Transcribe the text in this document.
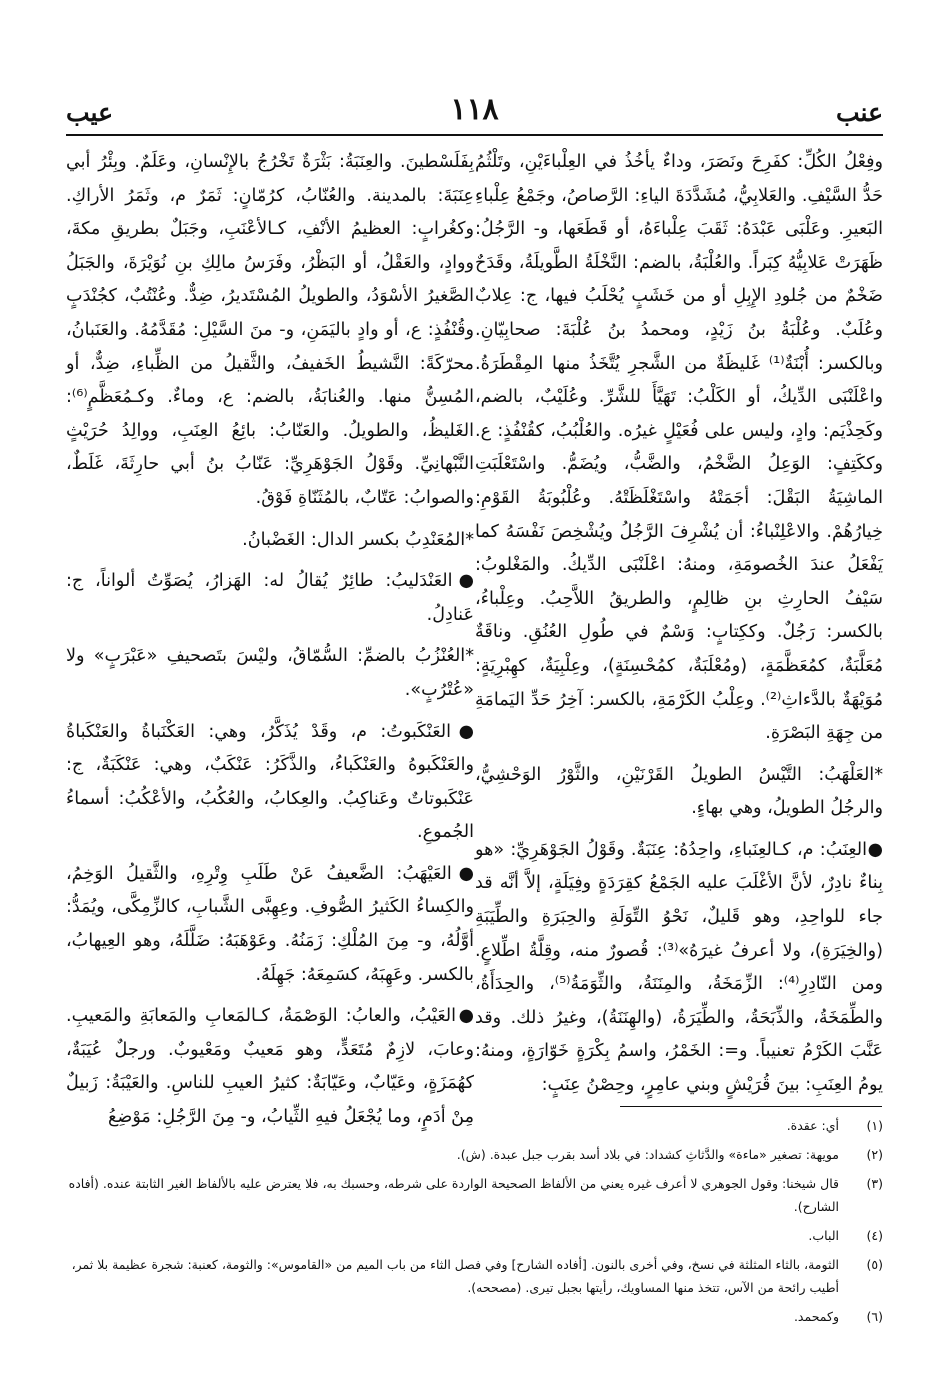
عنب
١١٨
عيب

وفِعْلُ الكُلِّ: كفَرِحَ ونَصَرَ، وداءٌ يأخُذُ في العِلْباءَيْنِ، وتَلْثُمُ حَدُّ السَّيْفِ. والعَلابِيُّ، مُشَدَّدَةَ الياءِ: الرَّصاصُ، وجَمْعُ عِلْباءِ البَعيرِ. وعَلْبَى عَبْدَهُ: ثَقَبَ عِلْباءَهُ، أو قَطَعَها، و- الرَّجُلُ: ظَهَرَتْ عَلابِيُّهُ كِبَراً. والعُلْبَةُ، بالضم: النَّخْلَةُ الطَّويلَةُ، وقَدَحٌ ضَخْمٌ من جُلودِ الإِبِلِ أو من خَشَبٍ يُحْلَبُ فيها، ج: عِلابٌ وعُلَبٌ. وعُلْبَةُ بنُ زَيْدٍ، ومحمدُ بنُ عُلْبَةَ: صحابِيّانِ. وبالكسر: أُبْنَةٌ⁽¹⁾ غَليظَةٌ من الشَّجرِ يُتَّخَذُ منها المِقْطَرَةُ. واعْلَنْبَى الدِّيكُ، أو الكَلْبُ: تَهَيَّأَ للشَّرِّ. وعُلَيْبٌ، بالضم، وكَحِذْيَم: وادٍ، وليس على فُعَيْلٍ غيرُه. والعُلْبُبُ، كقُنْفُذٍ: ع. وككَتِفٍ: الوَعِلُ الضَّخْمُ، والضَّبُّ، ويُضَمُّ. واسْتَعْلَبَتِ الماشِيَةُ البَقْلَ: أجَمَتْهُ واسْتَغْلَظَتْهُ. وعُلْبُوبَةُ القَوْمِ: خِيارُهُمْ. والاعْلِنْباءُ: أن يُشْرِفَ الرَّجُلُ ويُشْخِصَ نَفْسَهُ كما يَفْعَلُ عندَ الخُصومَةِ، ومنهُ: اعْلَنْبَى الدِّيكُ. والمَغْلوبُ: سَيْفُ الحارِثِ بنِ ظالِمٍ، والطريقُ اللاَّحِبُ. وعِلْباءُ، بالكسر: رَجُلٌ. وككِتابٍ: وَسْمٌ في طُولِ العُنُقِ. وناقَةٌ مُعَلَّبَةٌ، كمُعَظَّمَةٍ، (ومُعْلَبَةٌ، كمُحْسِنَةٍ)، وعِلْبِيَةٌ، كهِبْرِيَةٍ: مُوَيْهَةٌ بالدَّءاثِ⁽²⁾. وعِلْبُ الكَرْمَةِ، بالكسر: آخِرُ حَدِّ اليَمامَةِ من جِهَةِ البَصْرَةِ.

*العَلْهَبُ: التَّيْسُ الطويلُ القَرْنَيْنِ، والثَّوْرُ الوَحْشِيُّ، والرجُلُ الطويلُ، وهي بهاءٍ.

●العِنَبُ: م، كـالعِنَباءِ، واحِدُهُ: عِنَبَةٌ. وقَوْلُ الجَوْهَرِيِّ: «هو بِناءٌ نادِرٌ، لأنَّ الأغْلَبَ عليه الجَمْعُ كقِرَدَةٍ وفِيَلَةٍ، إلاَّ أنَّه قد جاء للواحِدِ، وهو قَليلٌ، نَحْوُ التِّوَلَةِ والحِبَرَةِ والطِّيَبَةِ (والخِيَرَةِ)، ولا أعرفُ غيرَهُ»⁽³⁾: قُصورٌ منه، وقِلَّةُ اطِّلاعٍ. ومن النّادِرِ⁽⁴⁾: الزِّمَخَةُ، والمِنَنَةُ، والثِّوَمَةُ⁽⁵⁾، والحِدَأَةُ، والطِّمَخَةُ، والذِّبَحَةُ، والطِّيَرَةُ، (والهِنَنَةُ)، وغيرُ ذلك. وقد عَنَّبَ الكَرْمُ تعنيباً. و=: الخَمْرُ، واسمُ بِكْرَةٍ خَوّارَةٍ، ومنهُ: يومُ العِنَبِ: بينَ قُرَيْشٍ وبني عامِرٍ، وحِصْنُ عِنَبٍ:

بِفَلَسْطينَ. والعِنَبَةُ: بَثْرَةٌ تَخْرُجُ بالإِنْسانِ، وعَلَمٌ. وبِئْرُ أبي عِنَبَةَ: بالمدينة. والعُنّابُ، كرُمّانٍ: ثَمَرٌ م، وثَمَرُ الأراكِ. وكغُرابٍ: العظيمُ الأنْفِ، كـالأعْنَبِ، وجَبَلٌ بطريقِ مكةَ، ووادٍ، والعَقْلُ، أو البَظْرُ، وفَرَسُ مالِكِ بنِ نُوَيْرَةَ، والجَبَلُ الصَّغيرُ الأسْوَدُ، والطويلُ المُسْتَديرُ، ضِدٌّ. وعُنْتُبٌ، كجُنْدَبٍ وقُنْفُذٍ: ع، أو وادٍ باليَمَنِ، و- منَ السَّيْلِ: مُقَدَّمُهُ. والعَنَبانُ، محرّكَةً: النَّشيطُ الخَفيفُ، والثَّقيلُ من الظِّباءِ، ضِدٌّ، أو المُسِنُّ منها. والعُنابَةُ، بالضم: ع، وماءٌ. وكـمُعَظَّمٍ⁽⁶⁾: الغَليظُ، والطويلُ. والعَنّابُ: بائِعُ العِنَبِ، ووالِدُ حُرَيْثٍ النَّبْهانِيِّ. وقَوْلُ الجَوْهَرِيِّ: عَنّابُ بنُ أبي حارِثَةَ، غَلَطٌ، والصوابُ: عَتّابٌ، بالمُثَنّاةِ فَوْقُ.

*المُعَنْدِبُ بكسر الدال: الغَضْبانُ.

●العَنْدَليبُ: طائِرٌ يُقالُ له: الهَزارُ، يُصَوِّتُ ألواناً، ج: عَنادِلُ.

*العُنْزُبُ بالضمِّ: السُّمّاقُ، وليْسَ بتَصحيفِ «عَبْرَبٍ» ولا «عُتْرُبٍ».

●العَنْكَبوتُ: م، وقَدْ يُذَكَّرُ، وهي: العَكْنَباةُ والعَنْكَباةُ والعَنْكَبوهُ والعَنْكَباءُ، والذَّكَرُ: عَنْكَبٌ، وهي: عَنْكَبَةٌ، ج: عَنْكَبوتاتٌ وعَناكِبُ. والعِكابُ، والعُكُبُ، والأعْكُبُ: أسماءُ الجُموعِ.

●العَيْهَبُ: الضَّعيفُ عَنْ طَلَبِ وِتْرِهِ، والثَّقيلُ الوَخِمُ، والكِساءُ الكَثيرُ الصُّوفِ. وعِهِبَّى الشَّبابِ، كالزِّمِكَّى، ويُمَدُّ: أوَّلُهُ، و- مِنَ المُلْكِ: زَمَنُهُ. وعَوْهَبَهُ: ضَلَّلَهُ، وهو العِيهابُ، بالكسر. وعَهِبَهُ، كسَمِعَهُ: جَهِلَهُ.

●العَيْبُ، والعابُ: الوَصْمَةُ، كـالمَعابِ والمَعابَةِ والمَعيبِ. وعابَ، لازِمٌ مُتَعَدٍّ، وهو مَعيبٌ ومَعْيوبٌ. ورجلٌ عُيَبَةٌ، كهُمَزَةٍ، وعَيّابٌ، وعَيّابَةٌ: كثيرُ العيبِ للناسِ. والعَيْبَةُ: زَبيلٌ مِنْ أدَمٍ، وما يُجْعَلُ فيهِ الثِّيابُ، و- مِنَ الرَّجُلِ: مَوْضِعُ	(١)
أي: عقدة.
(٢)
مويهة: تصغير «ماءة» والدَّثاثِ كشداد: في بلاد أسد بقرب جبل عبدة. (ش).
(٣)
قال شيخنا: وقول الجوهري لا أعرف غيره يعني من الألفاظ الصحيحة الواردة على شرطه، وحسبك به، فلا يعترض عليه بالألفاظ الغير الثابتة عنده. (أفاده الشارح).
(٤)
الباب.
(٥)
الثومة، بالثاء المثلثة في نسخ، وفي أخرى بالنون. [أفاده الشارح] وفي فصل الثاء من باب الميم من «القاموس»: والثومة، كعنبة: شجرة عظيمة بلا ثمر، أطيب رائحة من الآس، تتخذ منها المساويك، رأيتها بجبل تيرى. (مصححه).
(٦)
وكمحمد.
